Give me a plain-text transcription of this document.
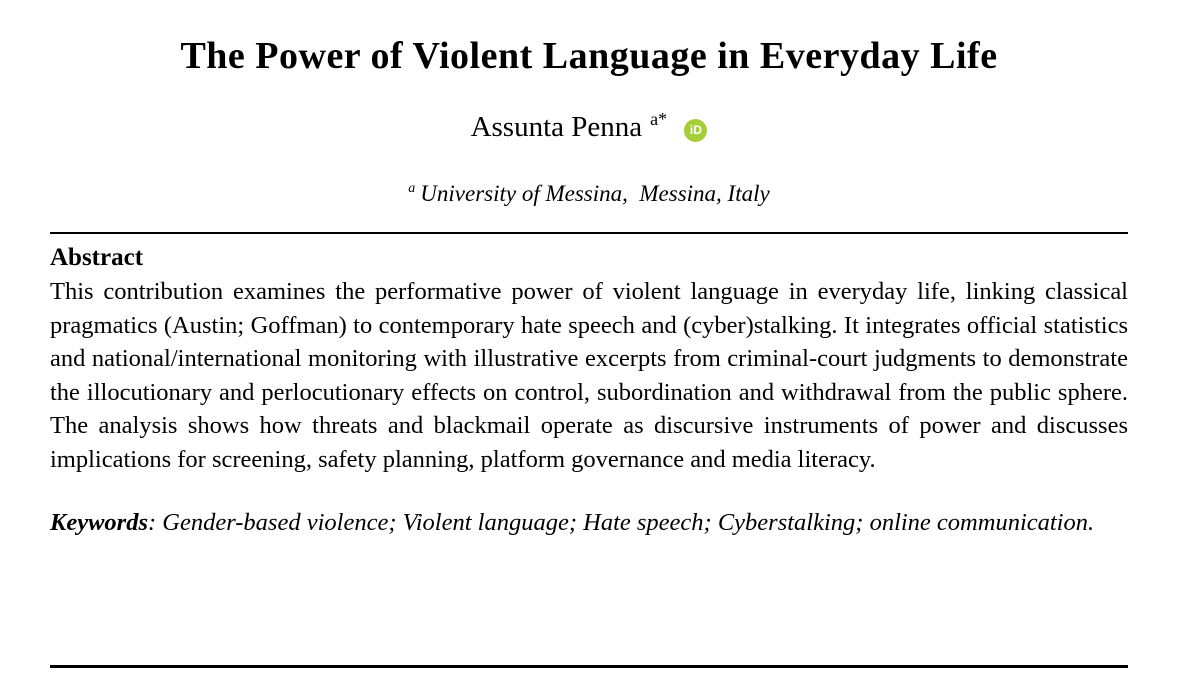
The Power of Violent Language in Everyday Life
Assunta Penna $^{a*}$ iD
$^a$ University of Messina,  Messina, Italy
Abstract

This contribution examines the performative power of violent language in everyday life, linking classical pragmatics (Austin; Goffman) to contemporary hate speech and (cyber)stalking. It integrates official statistics and national/international monitoring with illustrative excerpts from criminal-court judgments to demonstrate the illocutionary and perlocutionary effects on control, subordination and withdrawal from the public sphere. The analysis shows how threats and blackmail operate as discursive instruments of power and discusses implications for screening, safety planning, platform governance and media literacy.

Keywords: Gender-based violence; Violent language; Hate speech; Cyberstalking; online communication.
